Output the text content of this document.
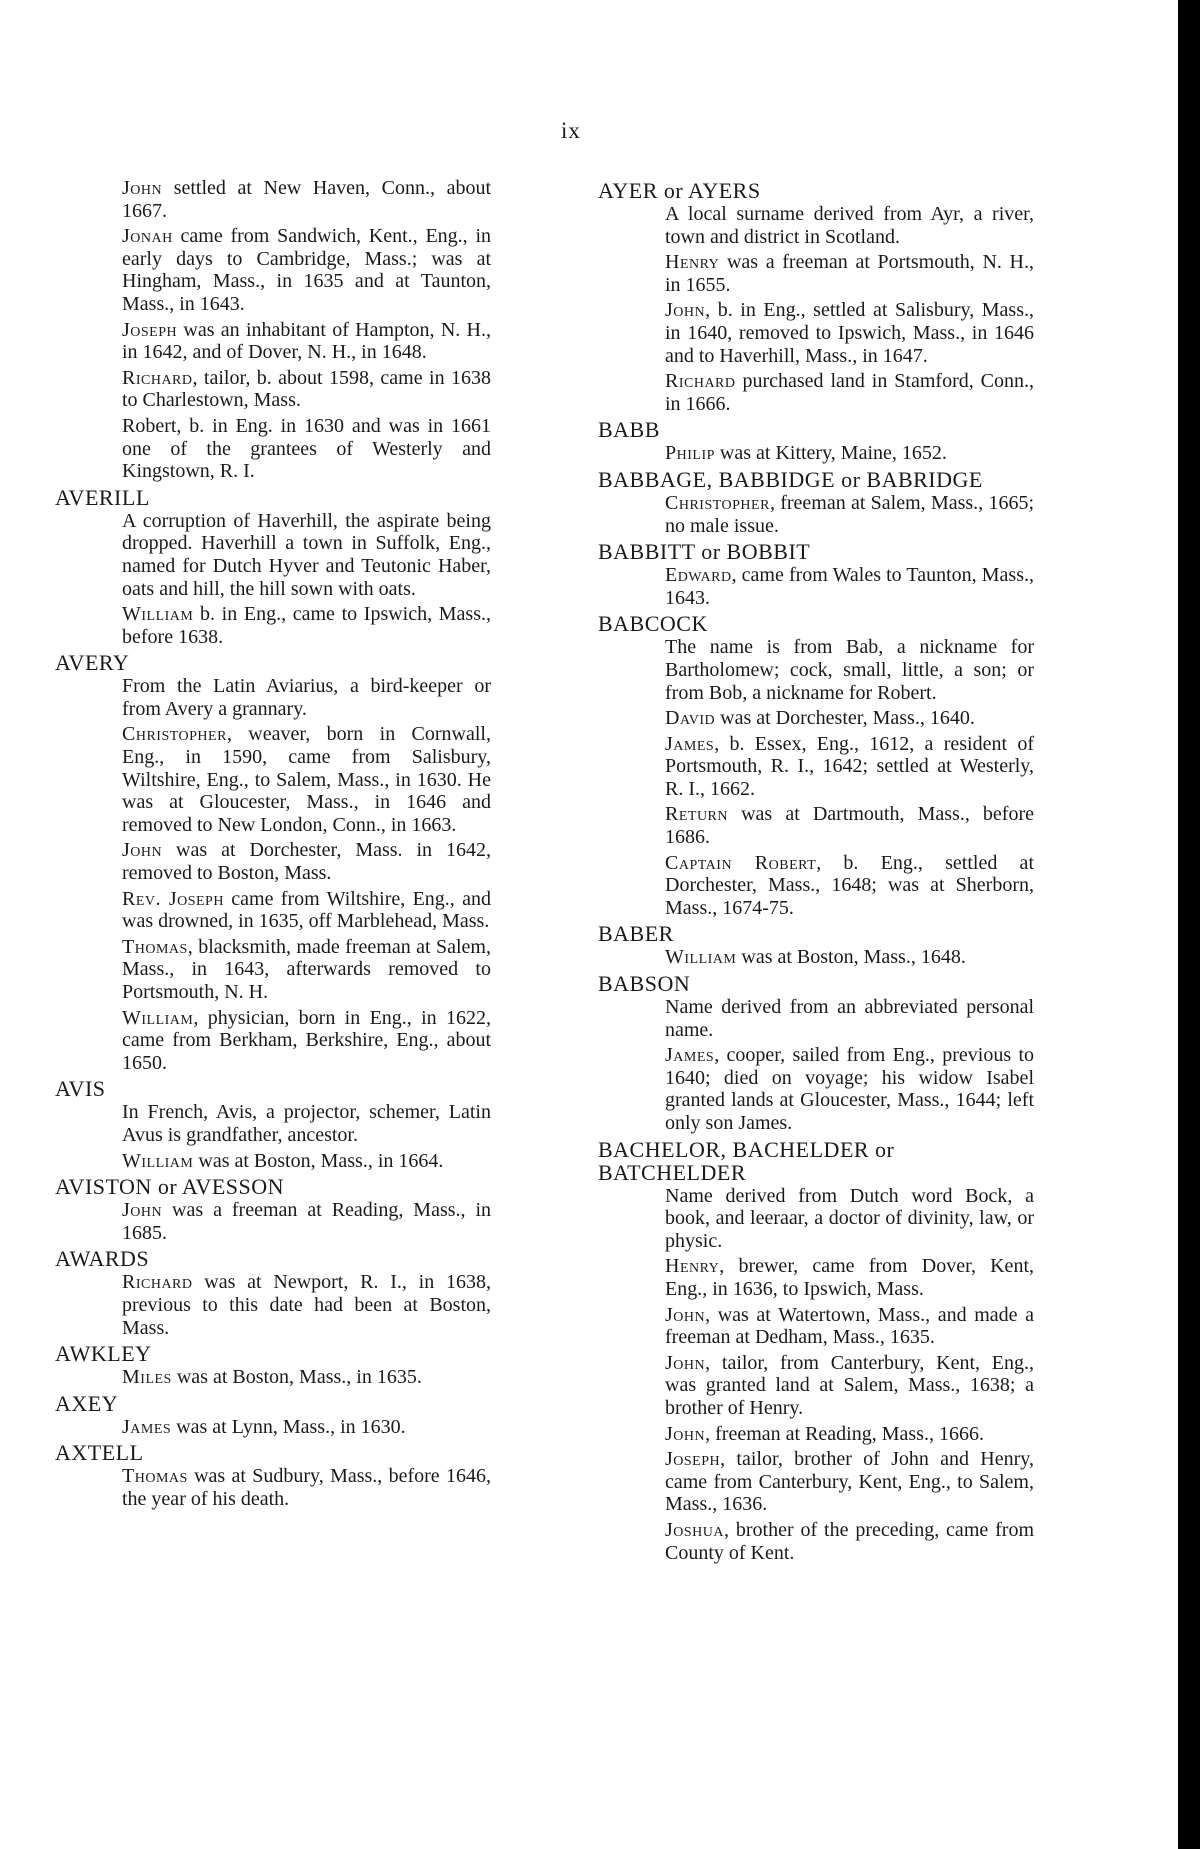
ix
John settled at New Haven, Conn., about 1667.
Jonah came from Sandwich, Kent., Eng., in early days to Cambridge, Mass.; was at Hingham, Mass., in 1635 and at Taunton, Mass., in 1643.
Joseph was an inhabitant of Hampton, N. H., in 1642, and of Dover, N. H., in 1648.
Richard, tailor, b. about 1598, came in 1638 to Charlestown, Mass.
Robert, b. in Eng. in 1630 and was in 1661 one of the grantees of Westerly and Kingstown, R. I.
AVERILL
A corruption of Haverhill, the aspirate being dropped. Haverhill a town in Suffolk, Eng., named for Dutch Hyver and Teutonic Haber, oats and hill, the hill sown with oats.
William b. in Eng., came to Ipswich, Mass., before 1638.
AVERY
From the Latin Aviarius, a bird-keeper or from Avery a grannary.
Christopher, weaver, born in Cornwall, Eng., in 1590, came from Salisbury, Wiltshire, Eng., to Salem, Mass., in 1630. He was at Gloucester, Mass., in 1646 and removed to New London, Conn., in 1663.
John was at Dorchester, Mass. in 1642, removed to Boston, Mass.
Rev. Joseph came from Wiltshire, Eng., and was drowned, in 1635, off Marblehead, Mass.
Thomas, blacksmith, made freeman at Salem, Mass., in 1643, afterwards removed to Portsmouth, N. H.
William, physician, born in Eng., in 1622, came from Berkham, Berkshire, Eng., about 1650.
AVIS
In French, Avis, a projector, schemer, Latin Avus is grandfather, ancestor.
William was at Boston, Mass., in 1664.
AVISTON or AVESSON
John was a freeman at Reading, Mass., in 1685.
AWARDS
Richard was at Newport, R. I., in 1638, previous to this date had been at Boston, Mass.
AWKLEY
Miles was at Boston, Mass., in 1635.
AXEY
James was at Lynn, Mass., in 1630.
AXTELL
Thomas was at Sudbury, Mass., before 1646, the year of his death.
AYER or AYERS
A local surname derived from Ayr, a river, town and district in Scotland.
Henry was a freeman at Portsmouth, N. H., in 1655.
John, b. in Eng., settled at Salisbury, Mass., in 1640, removed to Ipswich, Mass., in 1646 and to Haverhill, Mass., in 1647.
Richard purchased land in Stamford, Conn., in 1666.
BABB
Philip was at Kittery, Maine, 1652.
BABBAGE, BABBIDGE or BABRIDGE
Christopher, freeman at Salem, Mass., 1665; no male issue.
BABBITT or BOBBIT
Edward, came from Wales to Taunton, Mass., 1643.
BABCOCK
The name is from Bab, a nickname for Bartholomew; cock, small, little, a son; or from Bob, a nickname for Robert.
David was at Dorchester, Mass., 1640.
James, b. Essex, Eng., 1612, a resident of Portsmouth, R. I., 1642; settled at Westerly, R. I., 1662.
Return was at Dartmouth, Mass., before 1686.
Captain Robert, b. Eng., settled at Dorchester, Mass., 1648; was at Sherborn, Mass., 1674-75.
BABER
William was at Boston, Mass., 1648.
BABSON
Name derived from an abbreviated personal name.
James, cooper, sailed from Eng., previous to 1640; died on voyage; his widow Isabel granted lands at Gloucester, Mass., 1644; left only son James.
BACHELOR, BACHELDER or BATCHELDER
Name derived from Dutch word Bock, a book, and leeraar, a doctor of divinity, law, or physic.
Henry, brewer, came from Dover, Kent, Eng., in 1636, to Ipswich, Mass.
John, was at Watertown, Mass., and made a freeman at Dedham, Mass., 1635.
John, tailor, from Canterbury, Kent, Eng., was granted land at Salem, Mass., 1638; a brother of Henry.
John, freeman at Reading, Mass., 1666.
Joseph, tailor, brother of John and Henry, came from Canterbury, Kent, Eng., to Salem, Mass., 1636.
Joshua, brother of the preceding, came from County of Kent.
